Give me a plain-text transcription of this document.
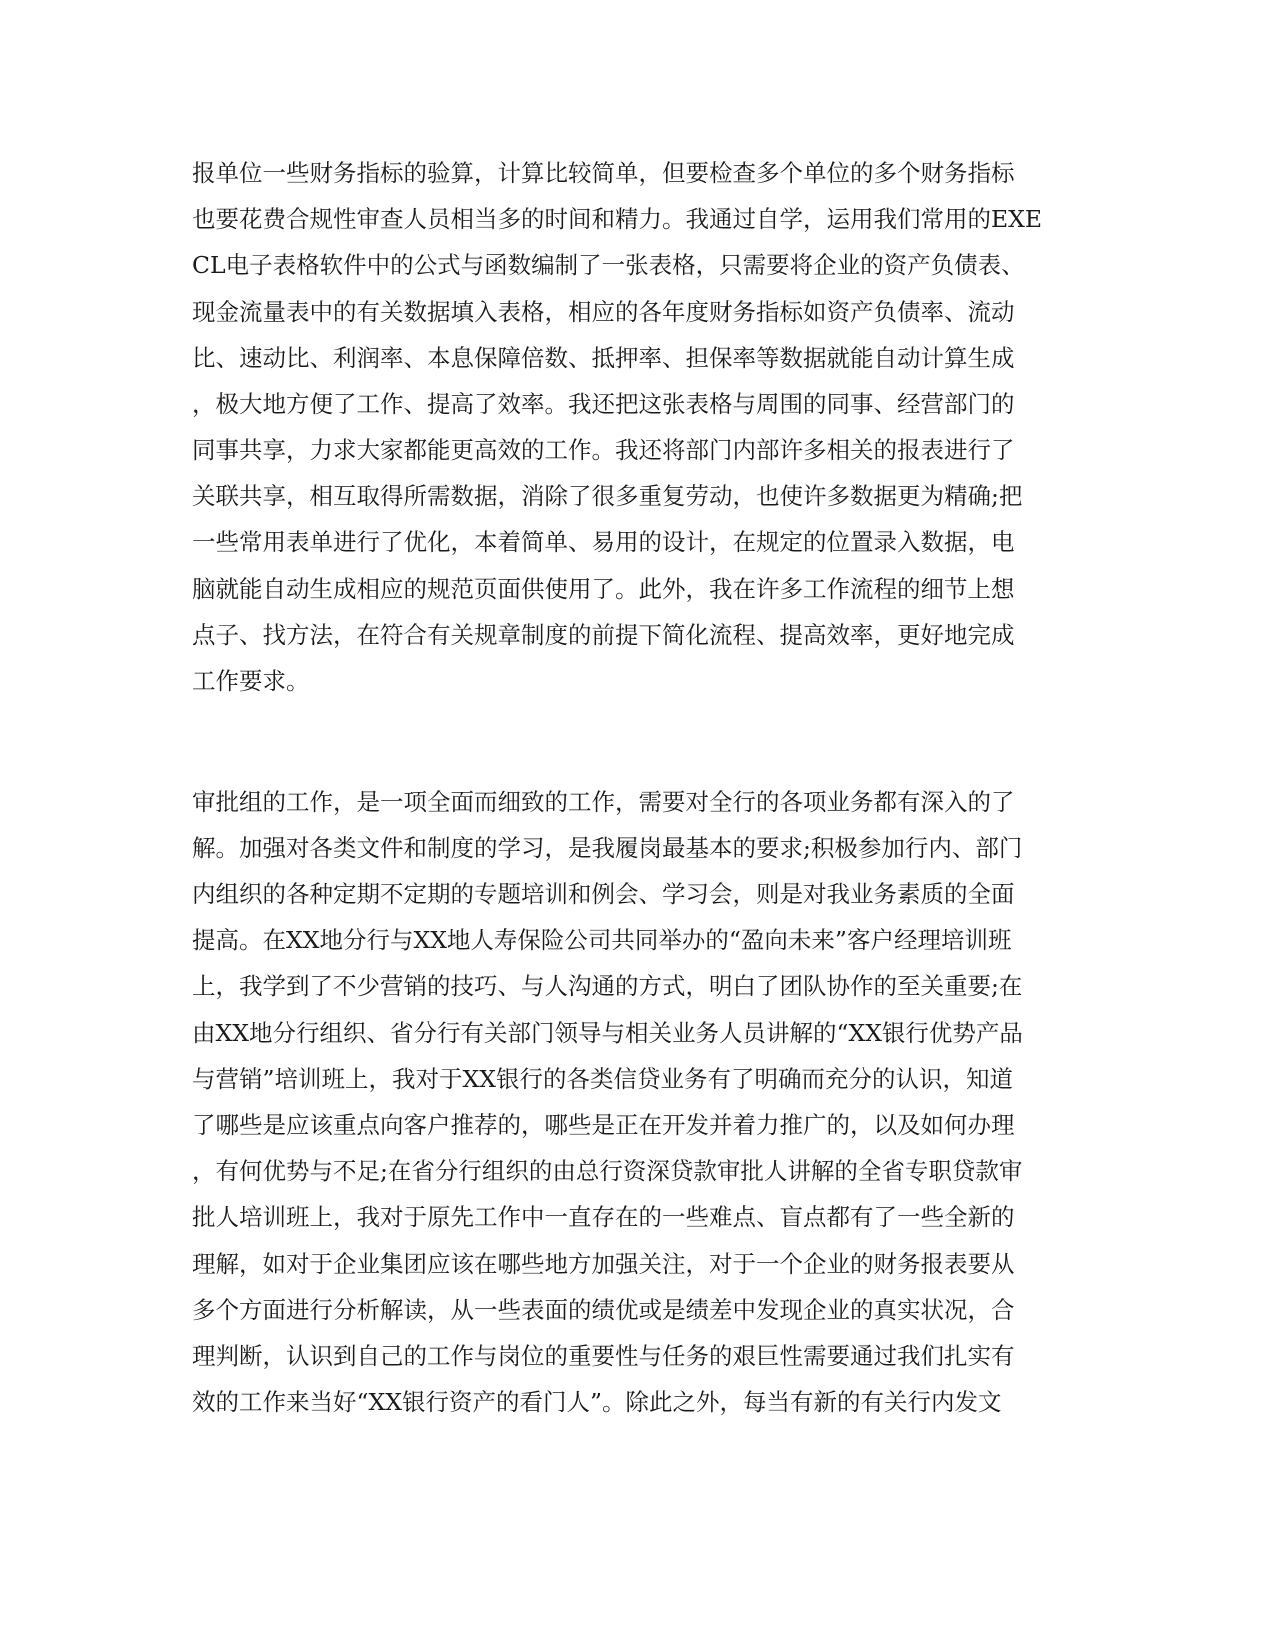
报单位一些财务指标的验算，计算比较简单，但要检查多个单位的多个财务指标
也要花费合规性审查人员相当多的时间和精力。我通过自学，运用我们常用的EXE
CL电子表格软件中的公式与函数编制了一张表格，只需要将企业的资产负债表、
现金流量表中的有关数据填入表格，相应的各年度财务指标如资产负债率、流动
比、速动比、利润率、本息保障倍数、抵押率、担保率等数据就能自动计算生成
，极大地方便了工作、提高了效率。我还把这张表格与周围的同事、经营部门的
同事共享，力求大家都能更高效的工作。我还将部门内部许多相关的报表进行了
关联共享，相互取得所需数据，消除了很多重复劳动，也使许多数据更为精确;把
一些常用表单进行了优化，本着简单、易用的设计，在规定的位置录入数据，电
脑就能自动生成相应的规范页面供使用了。此外，我在许多工作流程的细节上想
点子、找方法，在符合有关规章制度的前提下简化流程、提高效率，更好地完成
工作要求。
审批组的工作，是一项全面而细致的工作，需要对全行的各项业务都有深入的了
解。加强对各类文件和制度的学习，是我履岗最基本的要求;积极参加行内、部门
内组织的各种定期不定期的专题培训和例会、学习会，则是对我业务素质的全面
提高。在XX地分行与XX地人寿保险公司共同举办的“盈向未来”客户经理培训班
上，我学到了不少营销的技巧、与人沟通的方式，明白了团队协作的至关重要;在
由XX地分行组织、省分行有关部门领导与相关业务人员讲解的“XX银行优势产品
与营销”培训班上，我对于XX银行的各类信贷业务有了明确而充分的认识，知道
了哪些是应该重点向客户推荐的，哪些是正在开发并着力推广的，以及如何办理
，有何优势与不足;在省分行组织的由总行资深贷款审批人讲解的全省专职贷款审
批人培训班上，我对于原先工作中一直存在的一些难点、盲点都有了一些全新的
理解，如对于企业集团应该在哪些地方加强关注，对于一个企业的财务报表要从
多个方面进行分析解读，从一些表面的绩优或是绩差中发现企业的真实状况，合
理判断，认识到自己的工作与岗位的重要性与任务的艰巨性需要通过我们扎实有
效的工作来当好“XX银行资产的看门人”。除此之外，每当有新的有关行内发文
